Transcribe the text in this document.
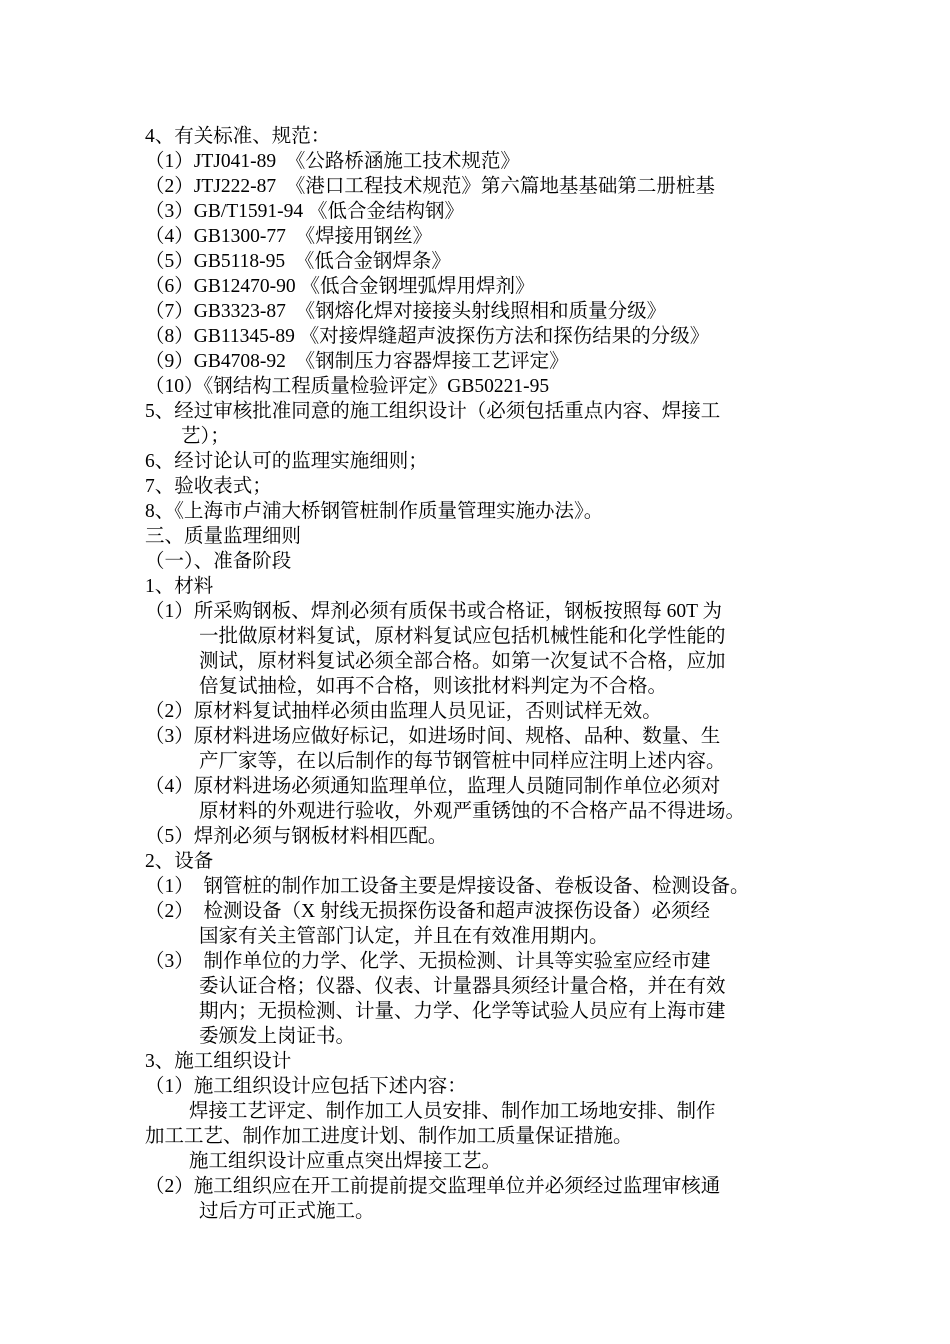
4、有关标准、规范：
（1）JTJ041-89　《公路桥涵施工技术规范》
（2）JTJ222-87　《港口工程技术规范》第六篇地基基础第二册桩基
（3）GB/T1591-94 《低合金结构钢》
（4）GB1300-77　《焊接用钢丝》
（5）GB5118-95　《低合金钢焊条》
（6）GB12470-90 《低合金钢埋弧焊用焊剂》
（7）GB3323-87　《钢熔化焊对接接头射线照相和质量分级》
（8）GB11345-89 《对接焊缝超声波探伤方法和探伤结果的分级》
（9）GB4708-92　《钢制压力容器焊接工艺评定》
（10）《钢结构工程质量检验评定》GB50221-95
5、经过审核批准同意的施工组织设计（必须包括重点内容、焊接工
艺）；
6、经讨论认可的监理实施细则；
7、验收表式；
8、《上海市卢浦大桥钢管桩制作质量管理实施办法》。
三、质量监理细则
（一）、准备阶段
1、材料
（1）所采购钢板、焊剂必须有质保书或合格证，钢板按照每 60T 为
一批做原材料复试，原材料复试应包括机械性能和化学性能的
测试，原材料复试必须全部合格。如第一次复试不合格，应加
倍复试抽检，如再不合格，则该批材料判定为不合格。
（2）原材料复试抽样必须由监理人员见证，否则试样无效。
（3）原材料进场应做好标记，如进场时间、规格、品种、数量、生
产厂家等，在以后制作的每节钢管桩中同样应注明上述内容。
（4）原材料进场必须通知监理单位，监理人员随同制作单位必须对
原材料的外观进行验收，外观严重锈蚀的不合格产品不得进场。
（5）焊剂必须与钢板材料相匹配。
2、设备
（1）　钢管桩的制作加工设备主要是焊接设备、卷板设备、检测设备。
（2）　检测设备（X 射线无损探伤设备和超声波探伤设备）必须经
国家有关主管部门认定，并且在有效准用期内。
（3）　制作单位的力学、化学、无损检测、计具等实验室应经市建
委认证合格；仪器、仪表、计量器具须经计量合格，并在有效
期内；无损检测、计量、力学、化学等试验人员应有上海市建
委颁发上岗证书。
3、施工组织设计
（1）施工组织设计应包括下述内容：
焊接工艺评定、制作加工人员安排、制作加工场地安排、制作
加工工艺、制作加工进度计划、制作加工质量保证措施。
施工组织设计应重点突出焊接工艺。
（2）施工组织应在开工前提前提交监理单位并必须经过监理审核通
过后方可正式施工。
